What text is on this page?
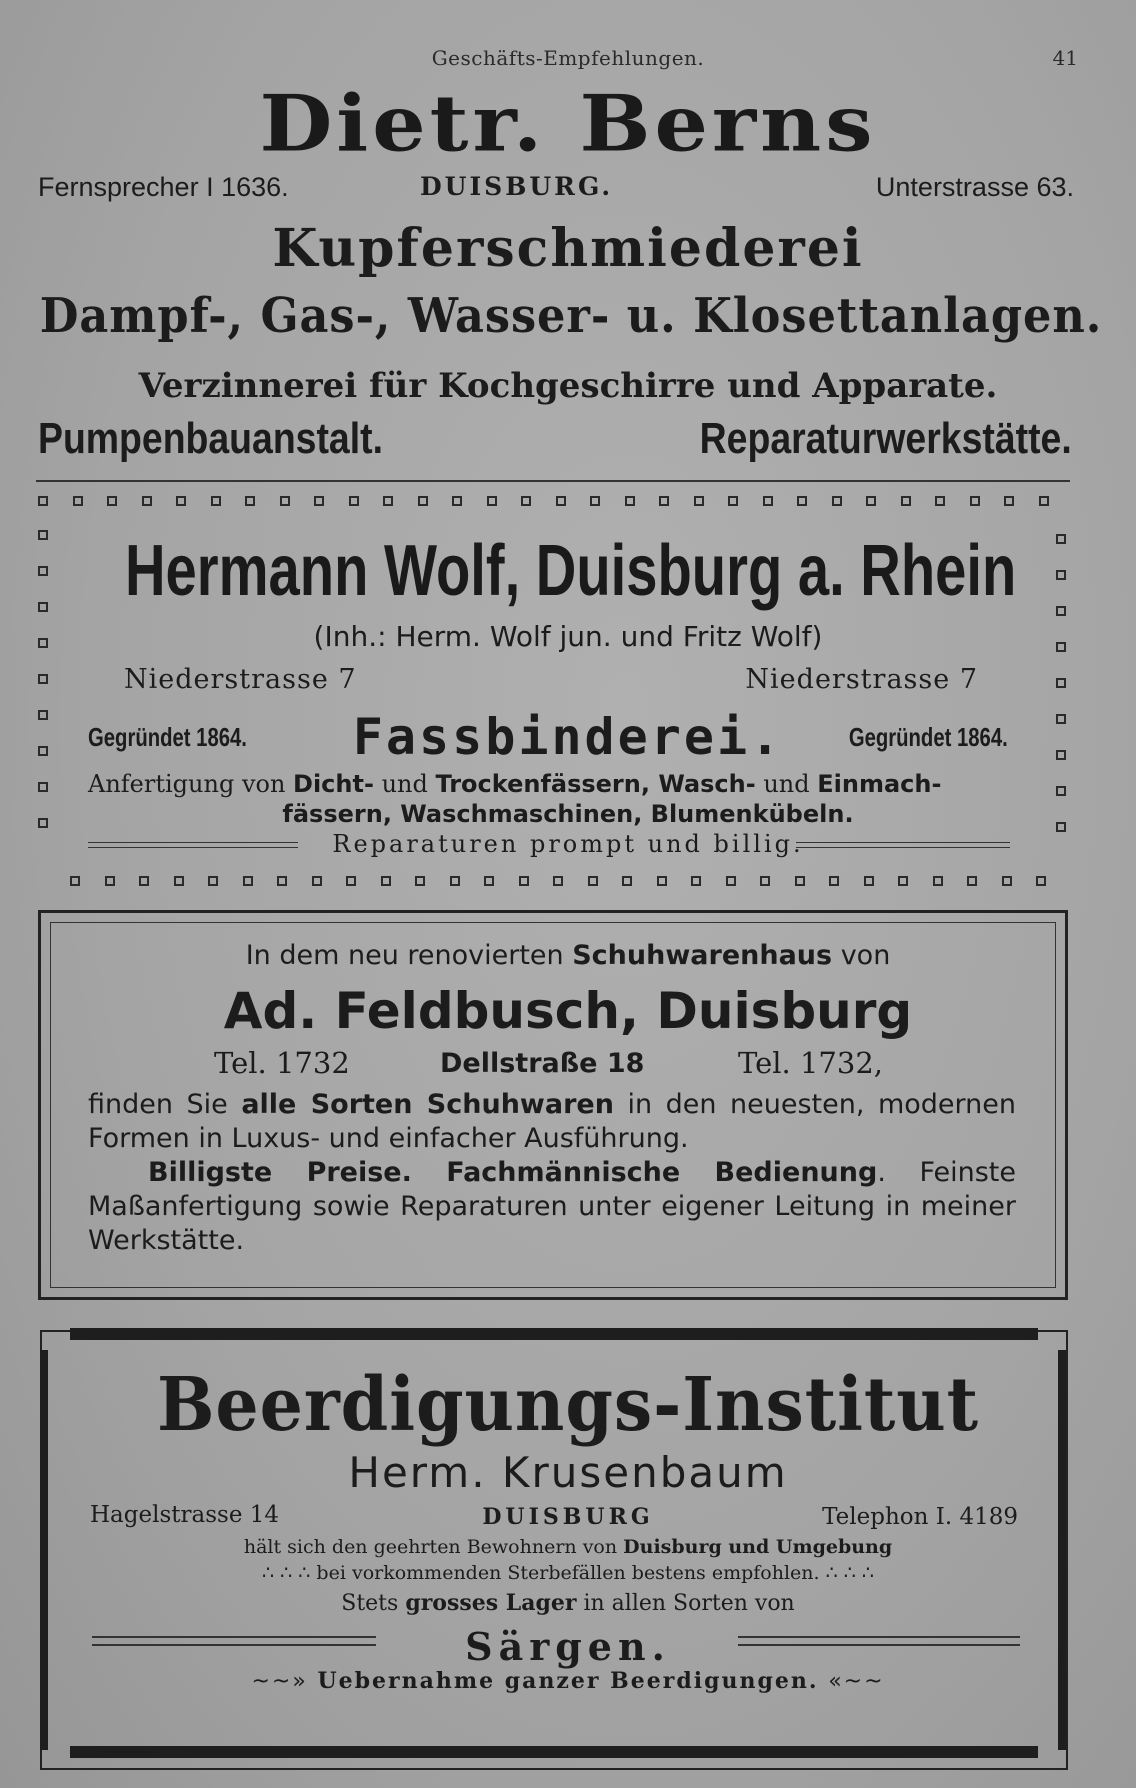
Geschäfts-Empfehlungen.	41
Dietr. Berns
Fernsprecher I 1636.	DUISBURG.	Unterstrasse 63.
Kupferschmiederei
Dampf-, Gas-, Wasser- u. Klosettanlagen.
Verzinnerei für Kochgeschirre und Apparate.
Pumpenbauanstalt.	Reparaturwerkstätte.
Hermann Wolf, Duisburg a. Rhein
(Inh.: Herm. Wolf jun. und Fritz Wolf)
Niederstrasse 7	Niederstrasse 7
Gegründet 1864.	Fassbinderei.	Gegründet 1864.
Anfertigung von Dicht- und Trockenfässern, Wasch- und Einmach-
fässern, Waschmaschinen, Blumenkübeln.
Reparaturen prompt und billig.
In dem neu renovierten Schuhwarenhaus von
Ad. Feldbusch, Duisburg
Tel. 1732	Dellstraße 18	Tel. 1732,

finden Sie alle Sorten Schuhwaren in den neuesten, modernen Formen in Luxus- und einfacher Ausführung.

Billigste Preise. Fachmännische Bedienung. Feinste Maßanfertigung sowie Reparaturen unter eigener Leitung in meiner Werkstätte.

Beerdigungs-Institut
Herm. Krusenbaum
Hagelstrasse 14	DUISBURG	Telephon I. 4189
hält sich den geehrten Bewohnern von Duisburg und Umgebung
∴ ∴ ∴ bei vorkommenden Sterbefällen bestens empfohlen. ∴ ∴ ∴
Stets grosses Lager in allen Sorten von
Särgen.
~~» Uebernahme ganzer Beerdigungen. «~~
